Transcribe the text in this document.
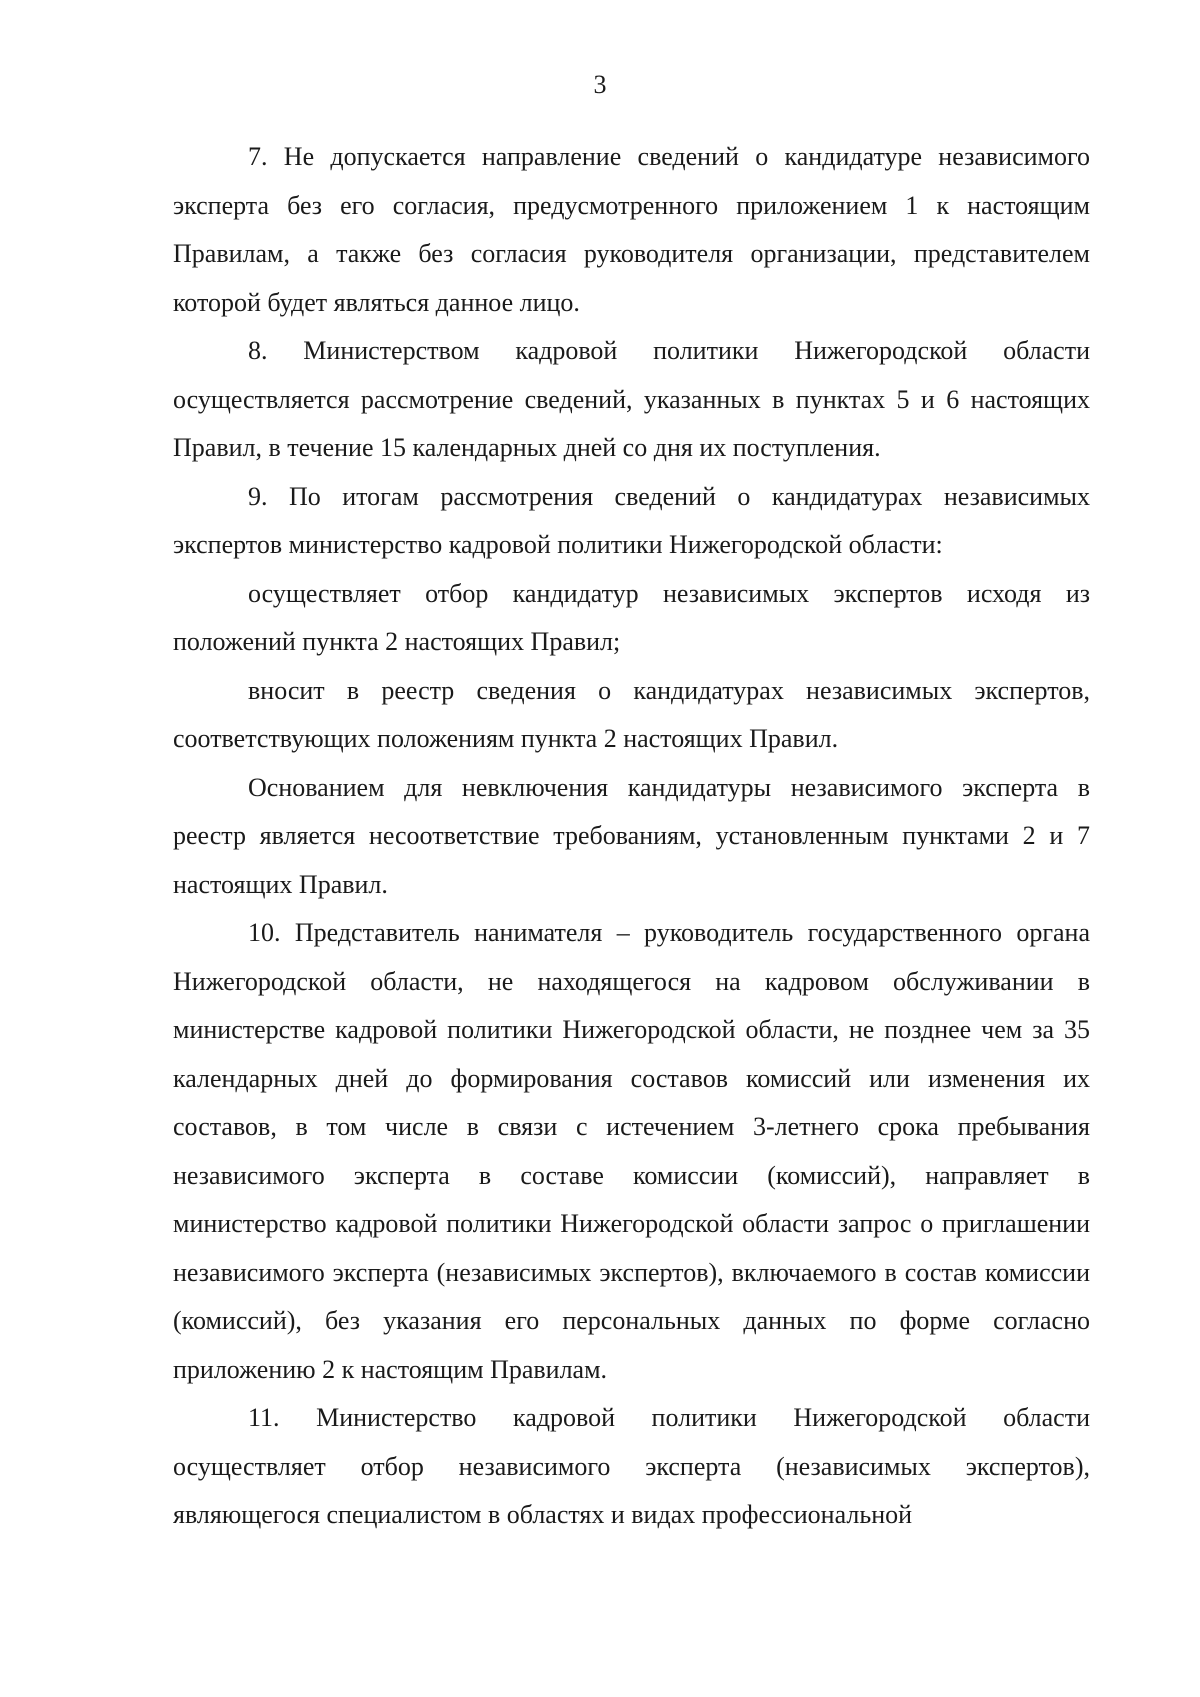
3

7. Не допускается направление сведений о кандидатуре независимого эксперта без его согласия, предусмотренного приложением 1 к настоящим Правилам, а также без согласия руководителя организации, представителем которой будет являться данное лицо.

8. Министерством кадровой политики Нижегородской области осуществляется рассмотрение сведений, указанных в пунктах 5 и 6 настоящих Правил, в течение 15 календарных дней со дня их поступления.

9. По итогам рассмотрения сведений о кандидатурах независимых экспертов министерство кадровой политики Нижегородской области:

осуществляет отбор кандидатур независимых экспертов исходя из положений пункта 2 настоящих Правил;

вносит в реестр сведения о кандидатурах независимых экспертов, соответствующих положениям пункта 2 настоящих Правил.

Основанием для невключения кандидатуры независимого эксперта в реестр является несоответствие требованиям, установленным пунктами 2 и 7 настоящих Правил.

10. Представитель нанимателя – руководитель государственного органа Нижегородской области, не находящегося на кадровом обслуживании в министерстве кадровой политики Нижегородской области, не позднее чем за 35 календарных дней до формирования составов комиссий или изменения их составов, в том числе в связи с истечением 3-летнего срока пребывания независимого эксперта в составе комиссии (комиссий), направляет в министерство кадровой политики Нижегородской области запрос о приглашении независимого эксперта (независимых экспертов), включаемого в состав комиссии (комиссий), без указания его персональных данных по форме согласно приложению 2 к настоящим Правилам.

11. Министерство кадровой политики Нижегородской области осуществляет отбор независимого эксперта (независимых экспертов), являющегося специалистом в областях и видах профессиональной
